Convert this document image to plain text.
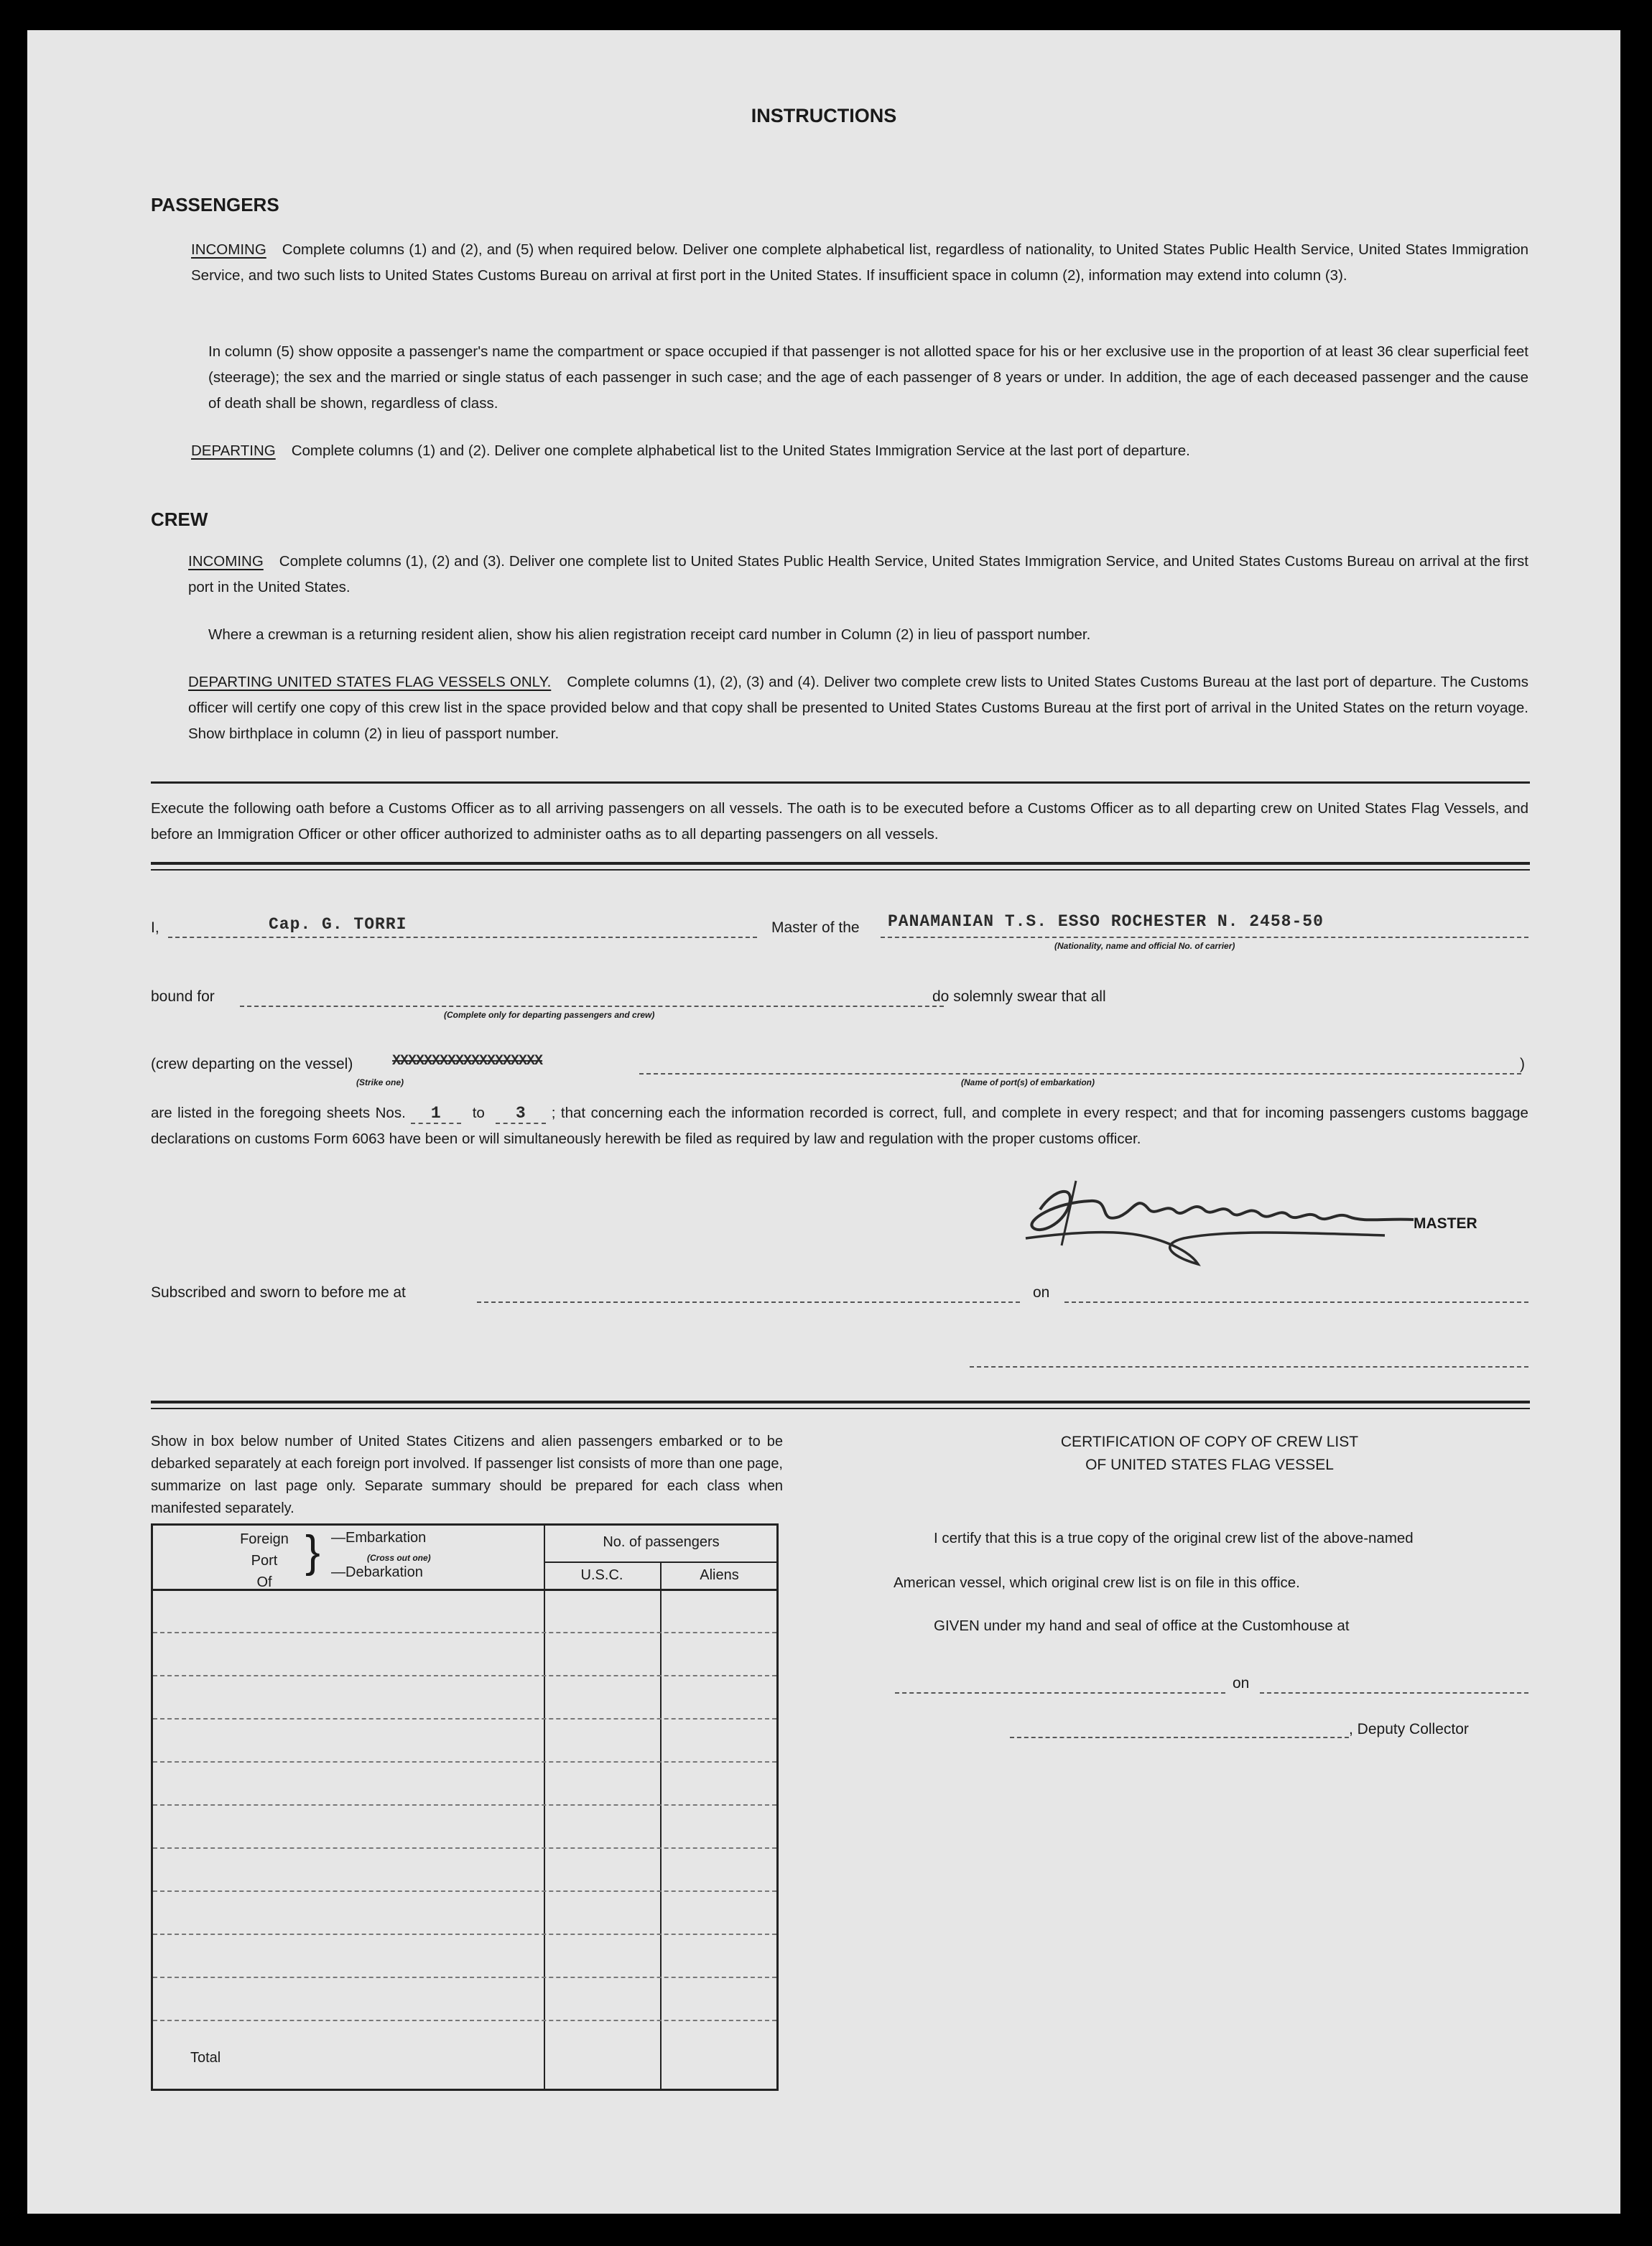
INSTRUCTIONS
PASSENGERS
INCOMING Complete columns (1) and (2), and (5) when required below. Deliver one complete alphabetical list, regardless of nationality, to United States Public Health Service, United States Immigration Service, and two such lists to United States Customs Bureau on arrival at first port in the United States. If insufficient space in column (2), information may extend into column (3).
In column (5) show opposite a passenger's name the compartment or space occupied if that passenger is not allotted space for his or her exclusive use in the proportion of at least 36 clear superficial feet (steerage); the sex and the married or single status of each passenger in such case; and the age of each passenger of 8 years or under. In addition, the age of each deceased passenger and the cause of death shall be shown, regardless of class.
DEPARTING Complete columns (1) and (2). Deliver one complete alphabetical list to the United States Immigration Service at the last port of departure.
CREW
INCOMING Complete columns (1), (2) and (3). Deliver one complete list to United States Public Health Service, United States Immigration Service, and United States Customs Bureau on arrival at the first port in the United States.
Where a crewman is a returning resident alien, show his alien registration receipt card number in Column (2) in lieu of passport number.
DEPARTING UNITED STATES FLAG VESSELS ONLY. Complete columns (1), (2), (3) and (4). Deliver two complete crew lists to United States Customs Bureau at the last port of departure. The Customs officer will certify one copy of this crew list in the space provided below and that copy shall be presented to United States Customs Bureau at the first port of arrival in the United States on the return voyage. Show birthplace in column (2) in lieu of passport number.
Execute the following oath before a Customs Officer as to all arriving passengers on all vessels. The oath is to be executed before a Customs Officer as to all departing crew on United States Flag Vessels, and before an Immigration Officer or other officer authorized to administer oaths as to all departing passengers on all vessels.
I,	Cap. G. TORRI	Master of the PANAMANIAN T.S. ESSO ROCHESTER N. 2458-50
(Nationality, name and official No. of carrier)
bound for
(Complete only for departing passengers and crew)
do solemnly swear that all
(crew departing on the vessel)	XXXXXXXXXXXXXXXXXXX
(Strike one)
)
(Name of port(s) of embarkation)
are listed in the foregoing sheets Nos. 1 to 3 ; that concerning each the information recorded is correct, full, and complete in every respect; and that for incoming passengers customs baggage declarations on customs Form 6063 have been or will simultaneously herewith be filed as required by law and regulation with the proper customs officer.
MASTER
Subscribed and sworn to before me at	on
Show in box below number of United States Citizens and alien passengers embarked or to be debarked separately at each foreign port involved. If passenger list consists of more than one page, summarize on last page only. Separate summary should be prepared for each class when manifested separately.
Foreign
Port
Of
} —Embarkation
(Cross out one)
—Debarkation
No. of passengers
U.S.C.	Aliens
Total
CERTIFICATION OF COPY OF CREW LIST
OF UNITED STATES FLAG VESSEL
I certify that this is a true copy of the original crew list of the above-named
American vessel, which original crew list is on file in this office.
GIVEN under my hand and seal of office at the Customhouse at
on
, Deputy Collector
